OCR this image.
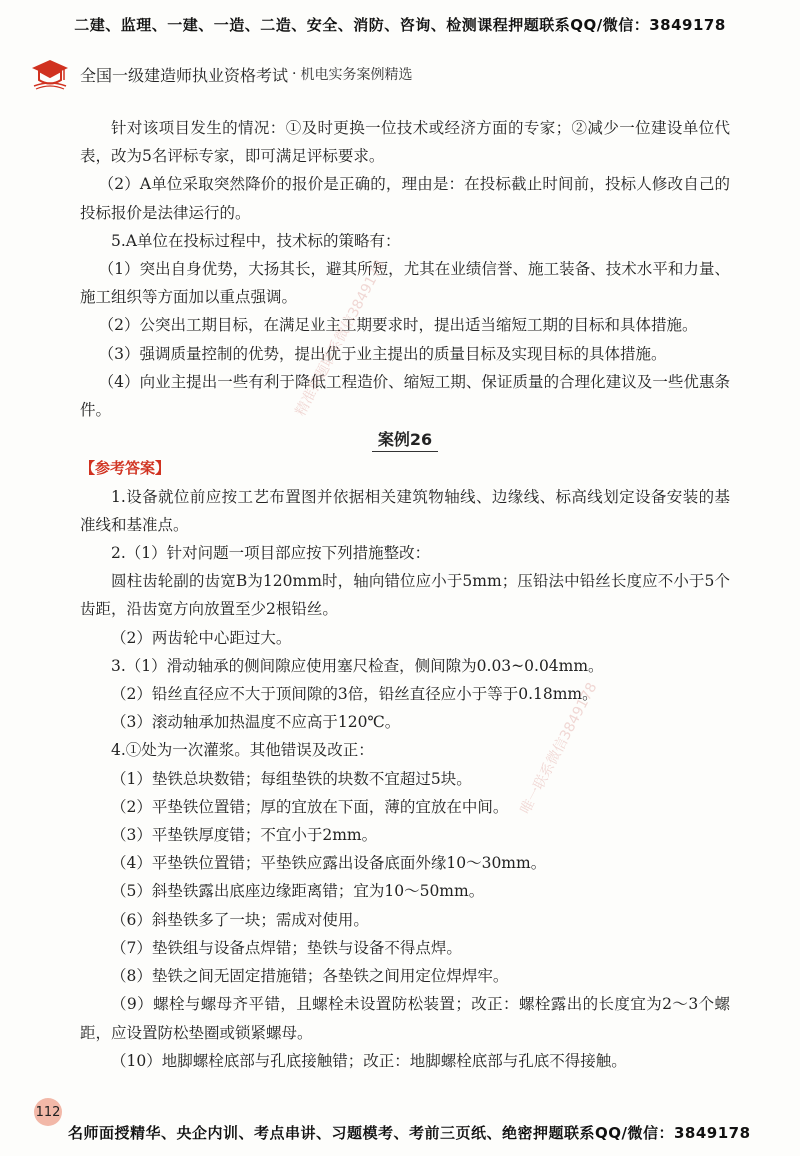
二建、监理、一建、一造、二造、安全、消防、咨询、检测课程押题联系QQ/微信：3849178
全国一级建造师执业资格考试 · 机电实务案例精选

针对该项目发生的情况：①及时更换一位技术或经济方面的专家；②减少一位建设单位代表，改为5名评标专家，即可满足评标要求。

（2）A单位采取突然降价的报价是正确的，理由是：在投标截止时间前，投标人修改自己的投标报价是法律运行的。

5.A单位在投标过程中，技术标的策略有：

（1）突出自身优势，大扬其长，避其所短，尤其在业绩信誉、施工装备、技术水平和力量、施工组织等方面加以重点强调。

（2）公突出工期目标，在满足业主工期要求时，提出适当缩短工期的目标和具体措施。

（3）强调质量控制的优势，提出优于业主提出的质量目标及实现目标的具体措施。

（4）向业主提出一些有利于降低工程造价、缩短工期、保证质量的合理化建议及一些优惠条件。

案例26

【参考答案】

1.设备就位前应按工艺布置图并依据相关建筑物轴线、边缘线、标高线划定设备安装的基准线和基准点。

2.（1）针对问题一项目部应按下列措施整改：

圆柱齿轮副的齿宽B为120mm时，轴向错位应小于5mm；压铅法中铅丝长度应不小于5个齿距，沿齿宽方向放置至少2根铅丝。

（2）两齿轮中心距过大。

3.（1）滑动轴承的侧间隙应使用塞尺检查，侧间隙为0.03~0.04mm。

（2）铅丝直径应不大于顶间隙的3倍，铅丝直径应小于等于0.18mm。

（3）滚动轴承加热温度不应高于120℃。

4.①处为一次灌浆。其他错误及改正：

（1）垫铁总块数错；每组垫铁的块数不宜超过5块。

（2）平垫铁位置错；厚的宜放在下面，薄的宜放在中间。

（3）平垫铁厚度错；不宜小于2mm。

（4）平垫铁位置错；平垫铁应露出设备底面外缘10～30mm。

（5）斜垫铁露出底座边缘距离错；宜为10～50mm。

（6）斜垫铁多了一块；需成对使用。

（7）垫铁组与设备点焊错；垫铁与设备不得点焊。

（8）垫铁之间无固定措施错；各垫铁之间用定位焊焊牢。

（9）螺栓与螺母齐平错，且螺栓未设置防松装置；改正：螺栓露出的长度宜为2～3个螺距，应设置防松垫圈或锁紧螺母。

（10）地脚螺栓底部与孔底接触错；改正：地脚螺栓底部与孔底不得接触。

精准押题联系微信3849178
唯一联系微信3849178
112
名师面授精华、央企内训、考点串讲、习题模考、考前三页纸、绝密押题联系QQ/微信：3849178
